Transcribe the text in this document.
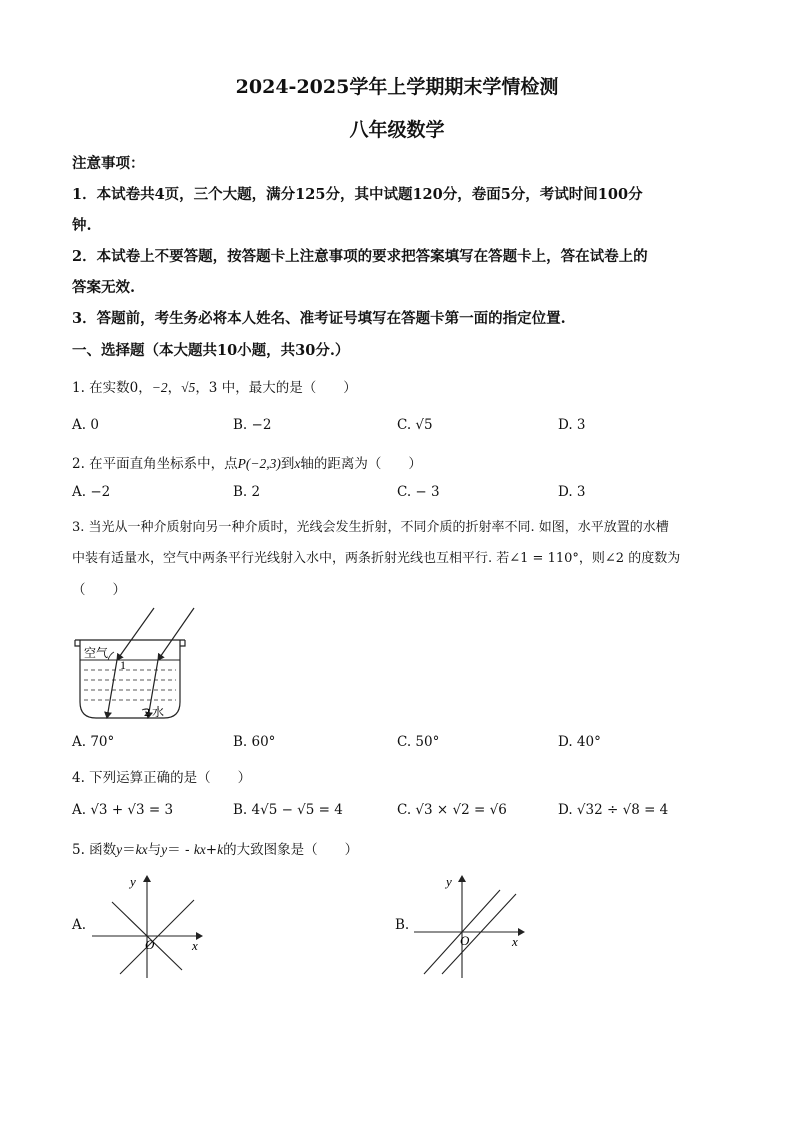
2024-2025学年上学期期末学情检测
八年级数学
注意事项：
1．本试卷共4页，三个大题，满分125分，其中试题120分，卷面5分，考试时间100分
钟.
2．本试卷上不要答题，按答题卡上注意事项的要求把答案填写在答题卡上，答在试卷上的
答案无效.
3．答题前，考生务必将本人姓名、准考证号填写在答题卡第一面的指定位置.
一、选择题（本大题共10小题，共30分.）
1. 在实数0，−2，√5，3 中，最大的是（　　）
A. 0	B. −2	C. √5	D. 3
2. 在平面直角坐标系中，点P(−2,3)到x轴的距离为（　　）
A. −2	B. 2	C. − 3	D. 3
3. 当光从一种介质射向另一种介质时，光线会发生折射，不同介质的折射率不同. 如图，水平放置的水槽
中装有适量水，空气中两条平行光线射入水中，两条折射光线也互相平行. 若∠1 = 110°，则∠2 的度数为
（　　）
空气
1
2 水
A. 70°	B. 60°	C. 50°	D. 40°
4. 下列运算正确的是（　　）
A. √3 + √3 = 3	B. 4√5 − √5 = 4	C. √3 × √2 = √6	D. √32 ÷ √8 = 4
5. 函数y＝kx与y＝ - kx+k的大致图象是（　　）
A.
y
x
O
B.
y
x
O
